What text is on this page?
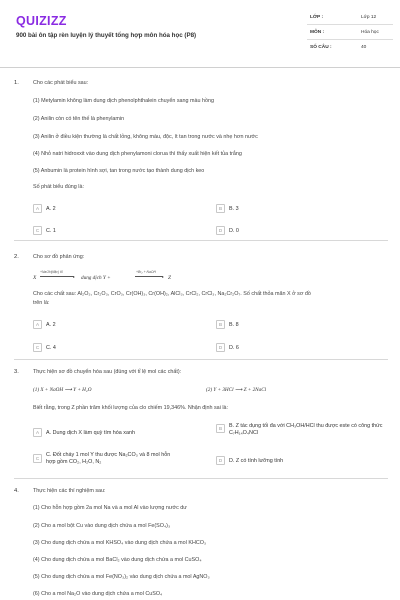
QUIZIZZ
900 bài ôn tập rèn luyện lý thuyết tổng hợp môn hóa học (P8)
LỚP :	Lớp 12
MÔN :	Hóa học
SỐ CÂU :	40
1.	Cho các phát biểu sau:
(1) Metylamin không làm dung dịch phenolphthalein chuyển sang màu hồng
(2) Anilin còn có tên thế là phenylamin
(3) Anilin ở điều kiện thường là chất lỏng, không màu, độc, ít tan trong nước và nhẹ hơn nước
(4) Nhỏ natri hidroxxit vào dung dịch phenylamoni clorua thì thấy xuất hiện kết tủa trắng
(5) Anbumin là protein hình sợi, tan trong nước tạo thành dung dịch keo
Số phát biểu đúng là:
A	A. 2	B	B. 3
C	C. 1	D	D. 0
2.	Cho sơ đồ phản ứng:
X
+NaOH(đặc) t0
▸ dung dịch Y +
+Br₂ + NaOH
▸ Z
Cho các chất sau: Al₂O₃, Cr₂O₃, CrO₃, Cr(OH)₃, Cr(OH)₂, AlCl₃, CrCl₂, CrCl₃, Na₂Cr₂O₇. Số chất thỏa mãn X ở sơ đồ
trên là:
A	A. 2	B	B. 8
C	C. 4	D	D. 6
3.	Thực hiện sơ đồ chuyển hóa sau (đúng với tỉ lệ mol các chất):
(1) X + NaOH ⟶ Y + H₂O	(2) Y + 3HCl ⟶ Z + 2NaCl
Biết rằng, trong Z phần trăm khối lượng của clo chiếm 19,346%. Nhận định sai là:
A	A. Dung dịch X làm quỳ tím hóa xanh
B	B. Z tác dụng tối đa với CH₃OH/HCl thu được este có công thức C₇H₁₄O₄NCl
C
C. Đốt cháy 1 mol Y thu được Na₂CO₃ và 8 mol hỗn hợp gồm CO₂, H₂O, N₂	D	D. Z có tính lưỡng tính
4.	Thực hiện các thí nghiệm sau:
(1) Cho hỗn hợp gồm 2a mol Na và a mol Al vào lượng nước dư
(2) Cho a mol bột Cu vào dung dịch chứa a mol Fe(SO₄)₃
(3) Cho dung dịch chứa a mol KHSO₄ vào dung dịch chứa a mol KHCO₃
(4) Cho dung dịch chứa a mol BaCl₂ vào dung dịch chứa a mol CuSO₄
(5) Cho dung dịch chứa a mol Fe(NO₃)₂ vào dung dịch chứa a mol AgNO₃
(6) Cho a mol Na₂O vào dung dịch chứa a mol CuSO₄
